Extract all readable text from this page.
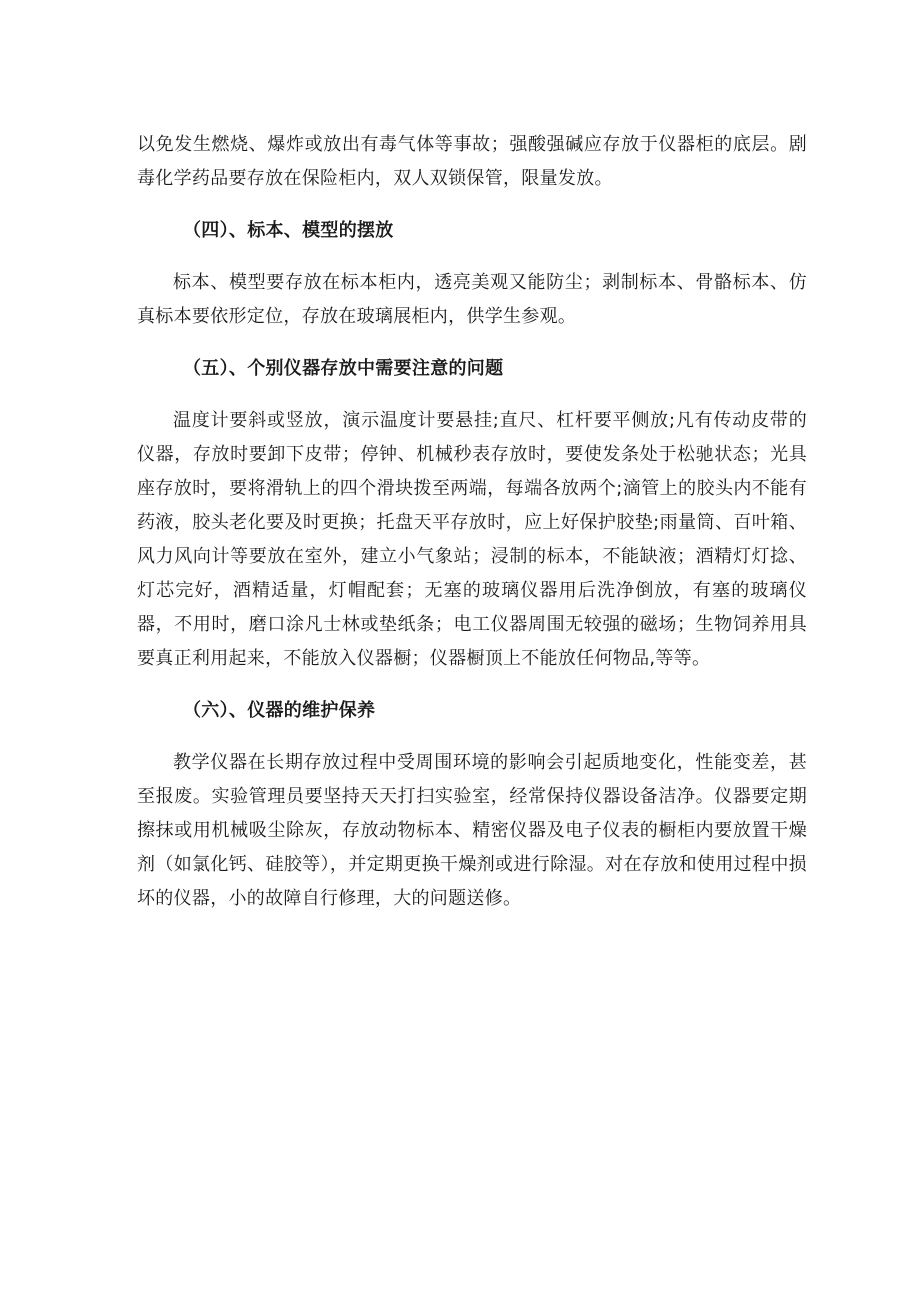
以免发生燃烧、爆炸或放出有毒气体等事故；强酸强碱应存放于仪器柜的底层。剧毒化学药品要存放在保险柜内，双人双锁保管，限量发放。

（四）、标本、模型的摆放

标本、模型要存放在标本柜内，透亮美观又能防尘；剥制标本、骨骼标本、仿真标本要依形定位，存放在玻璃展柜内，供学生参观。

（五）、个别仪器存放中需要注意的问题

温度计要斜或竖放，演示温度计要悬挂;直尺、杠杆要平侧放;凡有传动皮带的仪器，存放时要卸下皮带；停钟、机械秒表存放时，要使发条处于松驰状态；光具座存放时，要将滑轨上的四个滑块拨至两端，每端各放两个;滴管上的胶头内不能有药液，胶头老化要及时更换；托盘天平存放时，应上好保护胶垫;雨量筒、百叶箱、风力风向计等要放在室外，建立小气象站；浸制的标本，不能缺液；酒精灯灯捻、灯芯完好，酒精适量，灯帽配套；无塞的玻璃仪器用后洗净倒放，有塞的玻璃仪器，不用时，磨口涂凡士林或垫纸条；电工仪器周围无较强的磁场；生物饲养用具要真正利用起来，不能放入仪器橱；仪器橱顶上不能放任何物品,等等。

（六）、仪器的维护保养

教学仪器在长期存放过程中受周围环境的影响会引起质地变化，性能变差，甚至报废。实验管理员要坚持天天打扫实验室，经常保持仪器设备洁净。仪器要定期擦抹或用机械吸尘除灰，存放动物标本、精密仪器及电子仪表的橱柜内要放置干燥剂（如氯化钙、硅胶等），并定期更换干燥剂或进行除湿。对在存放和使用过程中损坏的仪器，小的故障自行修理，大的问题送修。
